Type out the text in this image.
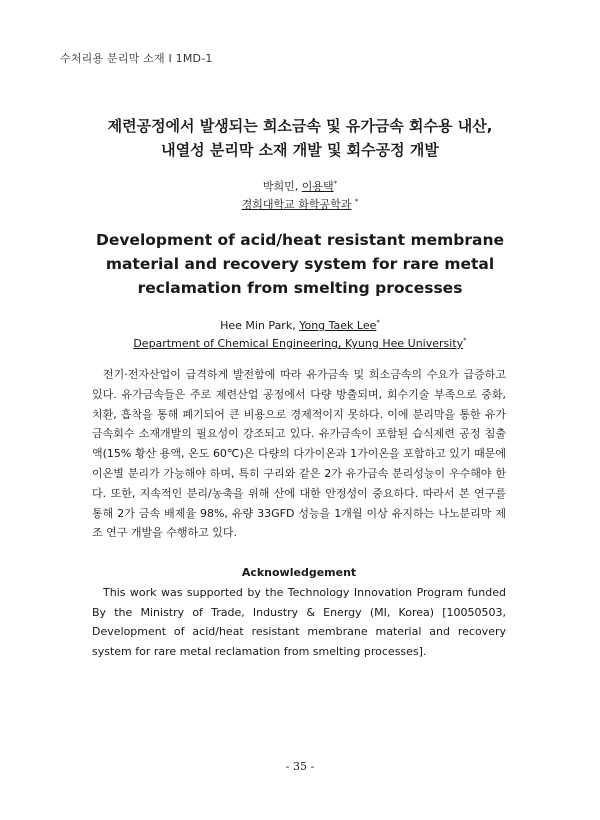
수처리용 분리막 소재 Ⅰ 1MD-1
제련공정에서 발생되는 희소금속 및 유가금속 회수용 내산,
내열성 분리막 소재 개발 및 회수공정 개발
박희민, 이용택*
경희대학교 화학공학과 *
Development of acid/heat resistant membrane material and recovery system for rare metal reclamation from smelting processes
Hee Min Park, Yong Taek Lee*
Department of Chemical Engineering, Kyung Hee University*

전기·전자산업이 급격하게 발전함에 따라 유가금속 및 희소금속의 수요가 급증하고 있다. 유가금속들은 주로 제련산업 공정에서 다량 방출되며, 회수기술 부족으로 중화, 치환, 흡착을 통해 폐기되어 큰 비용으로 경제적이지 못하다. 이에 분리막을 통한 유가금속회수 소재개발의 필요성이 강조되고 있다. 유가금속이 포함된 습식제련 공정 침출액(15% 황산 용액, 온도 60℃)은 다량의 다가이온과 1가이온을 포함하고 있기 때문에 이온별 분리가 가능해야 하며, 특히 구리와 같은 2가 유가금속 분리성능이 우수해야 한다. 또한, 지속적인 분리/농축을 위해 산에 대한 안정성이 중요하다. 따라서 본 연구를 통해 2가 금속 배제율 98%, 유량 33GFD 성능을 1개월 이상 유지하는 나노분리막 제조 연구 개발을 수행하고 있다.

Acknowledgement

This work was supported by the Technology Innovation Program funded By the Ministry of Trade, Industry & Energy (MI, Korea) [10050503, Development of acid/heat resistant membrane material and recovery system for rare metal reclamation from smelting processes].

- 35 -
